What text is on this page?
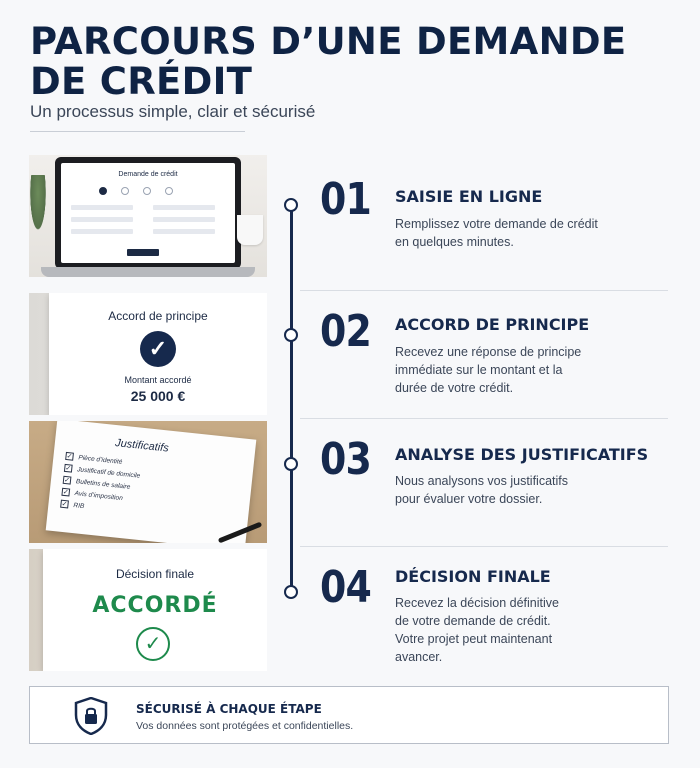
PARCOURS D’UNE DEMANDE DE CRÉDIT
Un processus simple, clair et sécurisé
Demande de crédit
Accord de principe
✓
Montant accordé
25 000 €
Justificatifs
✓ Pièce d’identité
✓ Justificatif de domicile
✓ Bulletins de salaire
✓ Avis d’imposition
✓ RIB
Décision finale
ACCORDÉ
✓
01 SAISIE EN LIGNE
Remplissez votre demande de crédit en quelques minutes.
02 ACCORD DE PRINCIPE
Recevez une réponse de principe immédiate sur le montant et la durée de votre crédit.
03 ANALYSE DES JUSTIFICATIFS
Nous analysons vos justificatifs pour évaluer votre dossier.
04 DÉCISION FINALE
Recevez la décision définitive de votre demande de crédit. Votre projet peut maintenant avancer.
SÉCURISÉ À CHAQUE ÉTAPE
Vos données sont protégées et confidentielles.
